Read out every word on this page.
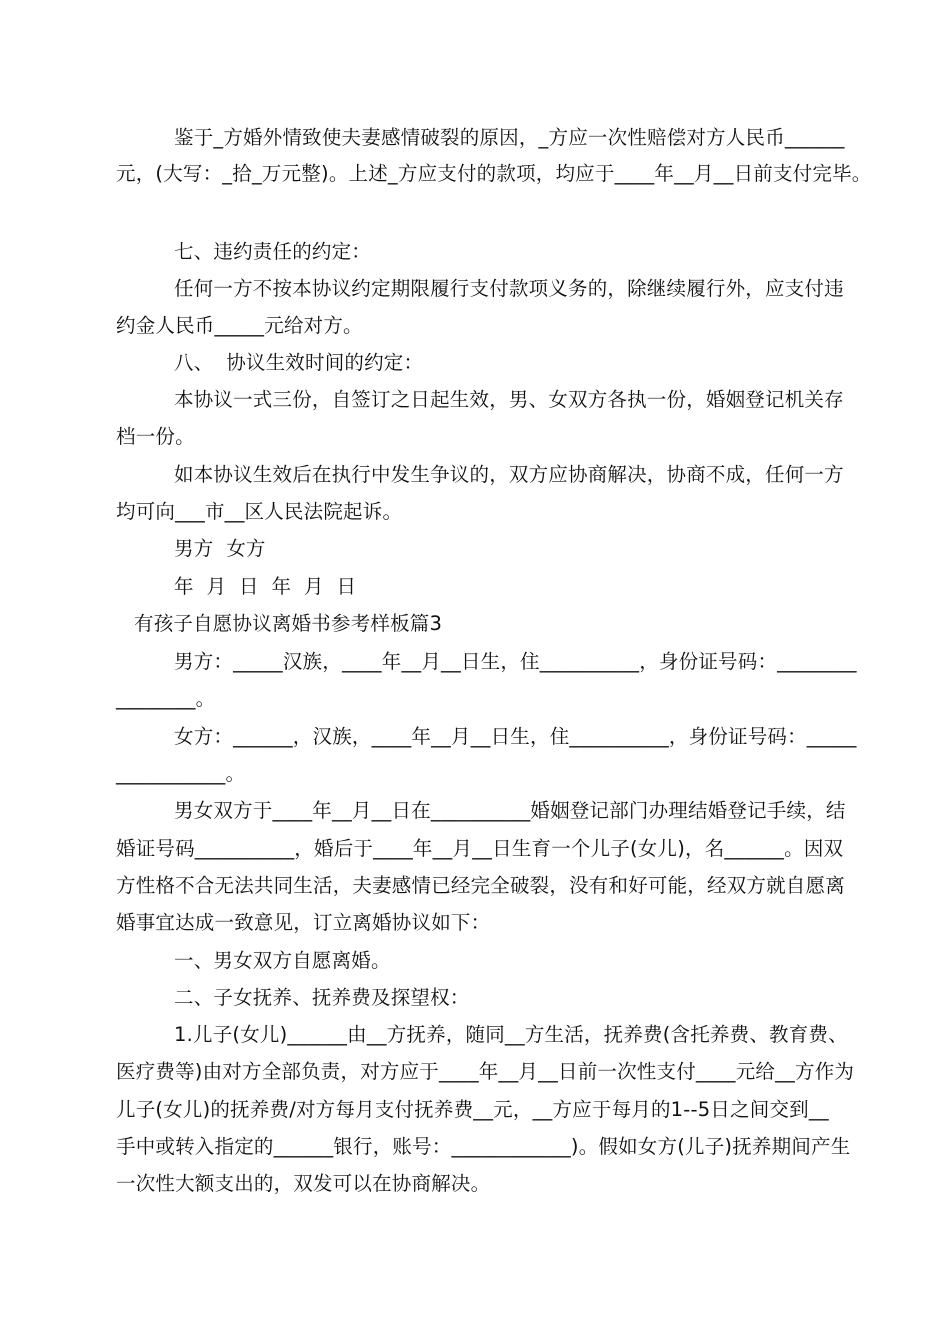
鉴于_方婚外情致使夫妻感情破裂的原因，_方应一次性赔偿对方人民币______
元，(大写：_拾_万元整)。上述_方应支付的款项，均应于____年__月__日前支付完毕。
七、违约责任的约定：
任何一方不按本协议约定期限履行支付款项义务的，除继续履行外，应支付违
约金人民币_____元给对方。
八、  协议生效时间的约定：
本协议一式三份，自签订之日起生效，男、女双方各执一份，婚姻登记机关存
档一份。
如本协议生效后在执行中发生争议的，双方应协商解决，协商不成，任何一方
均可向___市__区人民法院起诉。
男方  女方
年  月  日  年  月  日
有孩子自愿协议离婚书参考样板篇3
男方：_____汉族，____年__月__日生，住__________，身份证号码：________
________。
女方：______，汉族，____年__月__日生，住__________，身份证号码：_____
___________。
男女双方于____年__月__日在__________婚姻登记部门办理结婚登记手续，结
婚证号码__________，婚后于____年__月__日生育一个儿子(女儿)，名______。因双
方性格不合无法共同生活，夫妻感情已经完全破裂，没有和好可能，经双方就自愿离
婚事宜达成一致意见，订立离婚协议如下：
一、男女双方自愿离婚。
二、子女抚养、抚养费及探望权：
1.儿子(女儿)______由__方抚养，随同__方生活，抚养费(含托养费、教育费、
医疗费等)由对方全部负责，对方应于____年__月__日前一次性支付____元给__方作为
儿子(女儿)的抚养费/对方每月支付抚养费__元，__方应于每月的1--5日之间交到__
手中或转入指定的______银行，账号：____________)。假如女方(儿子)抚养期间产生
一次性大额支出的，双发可以在协商解决。
